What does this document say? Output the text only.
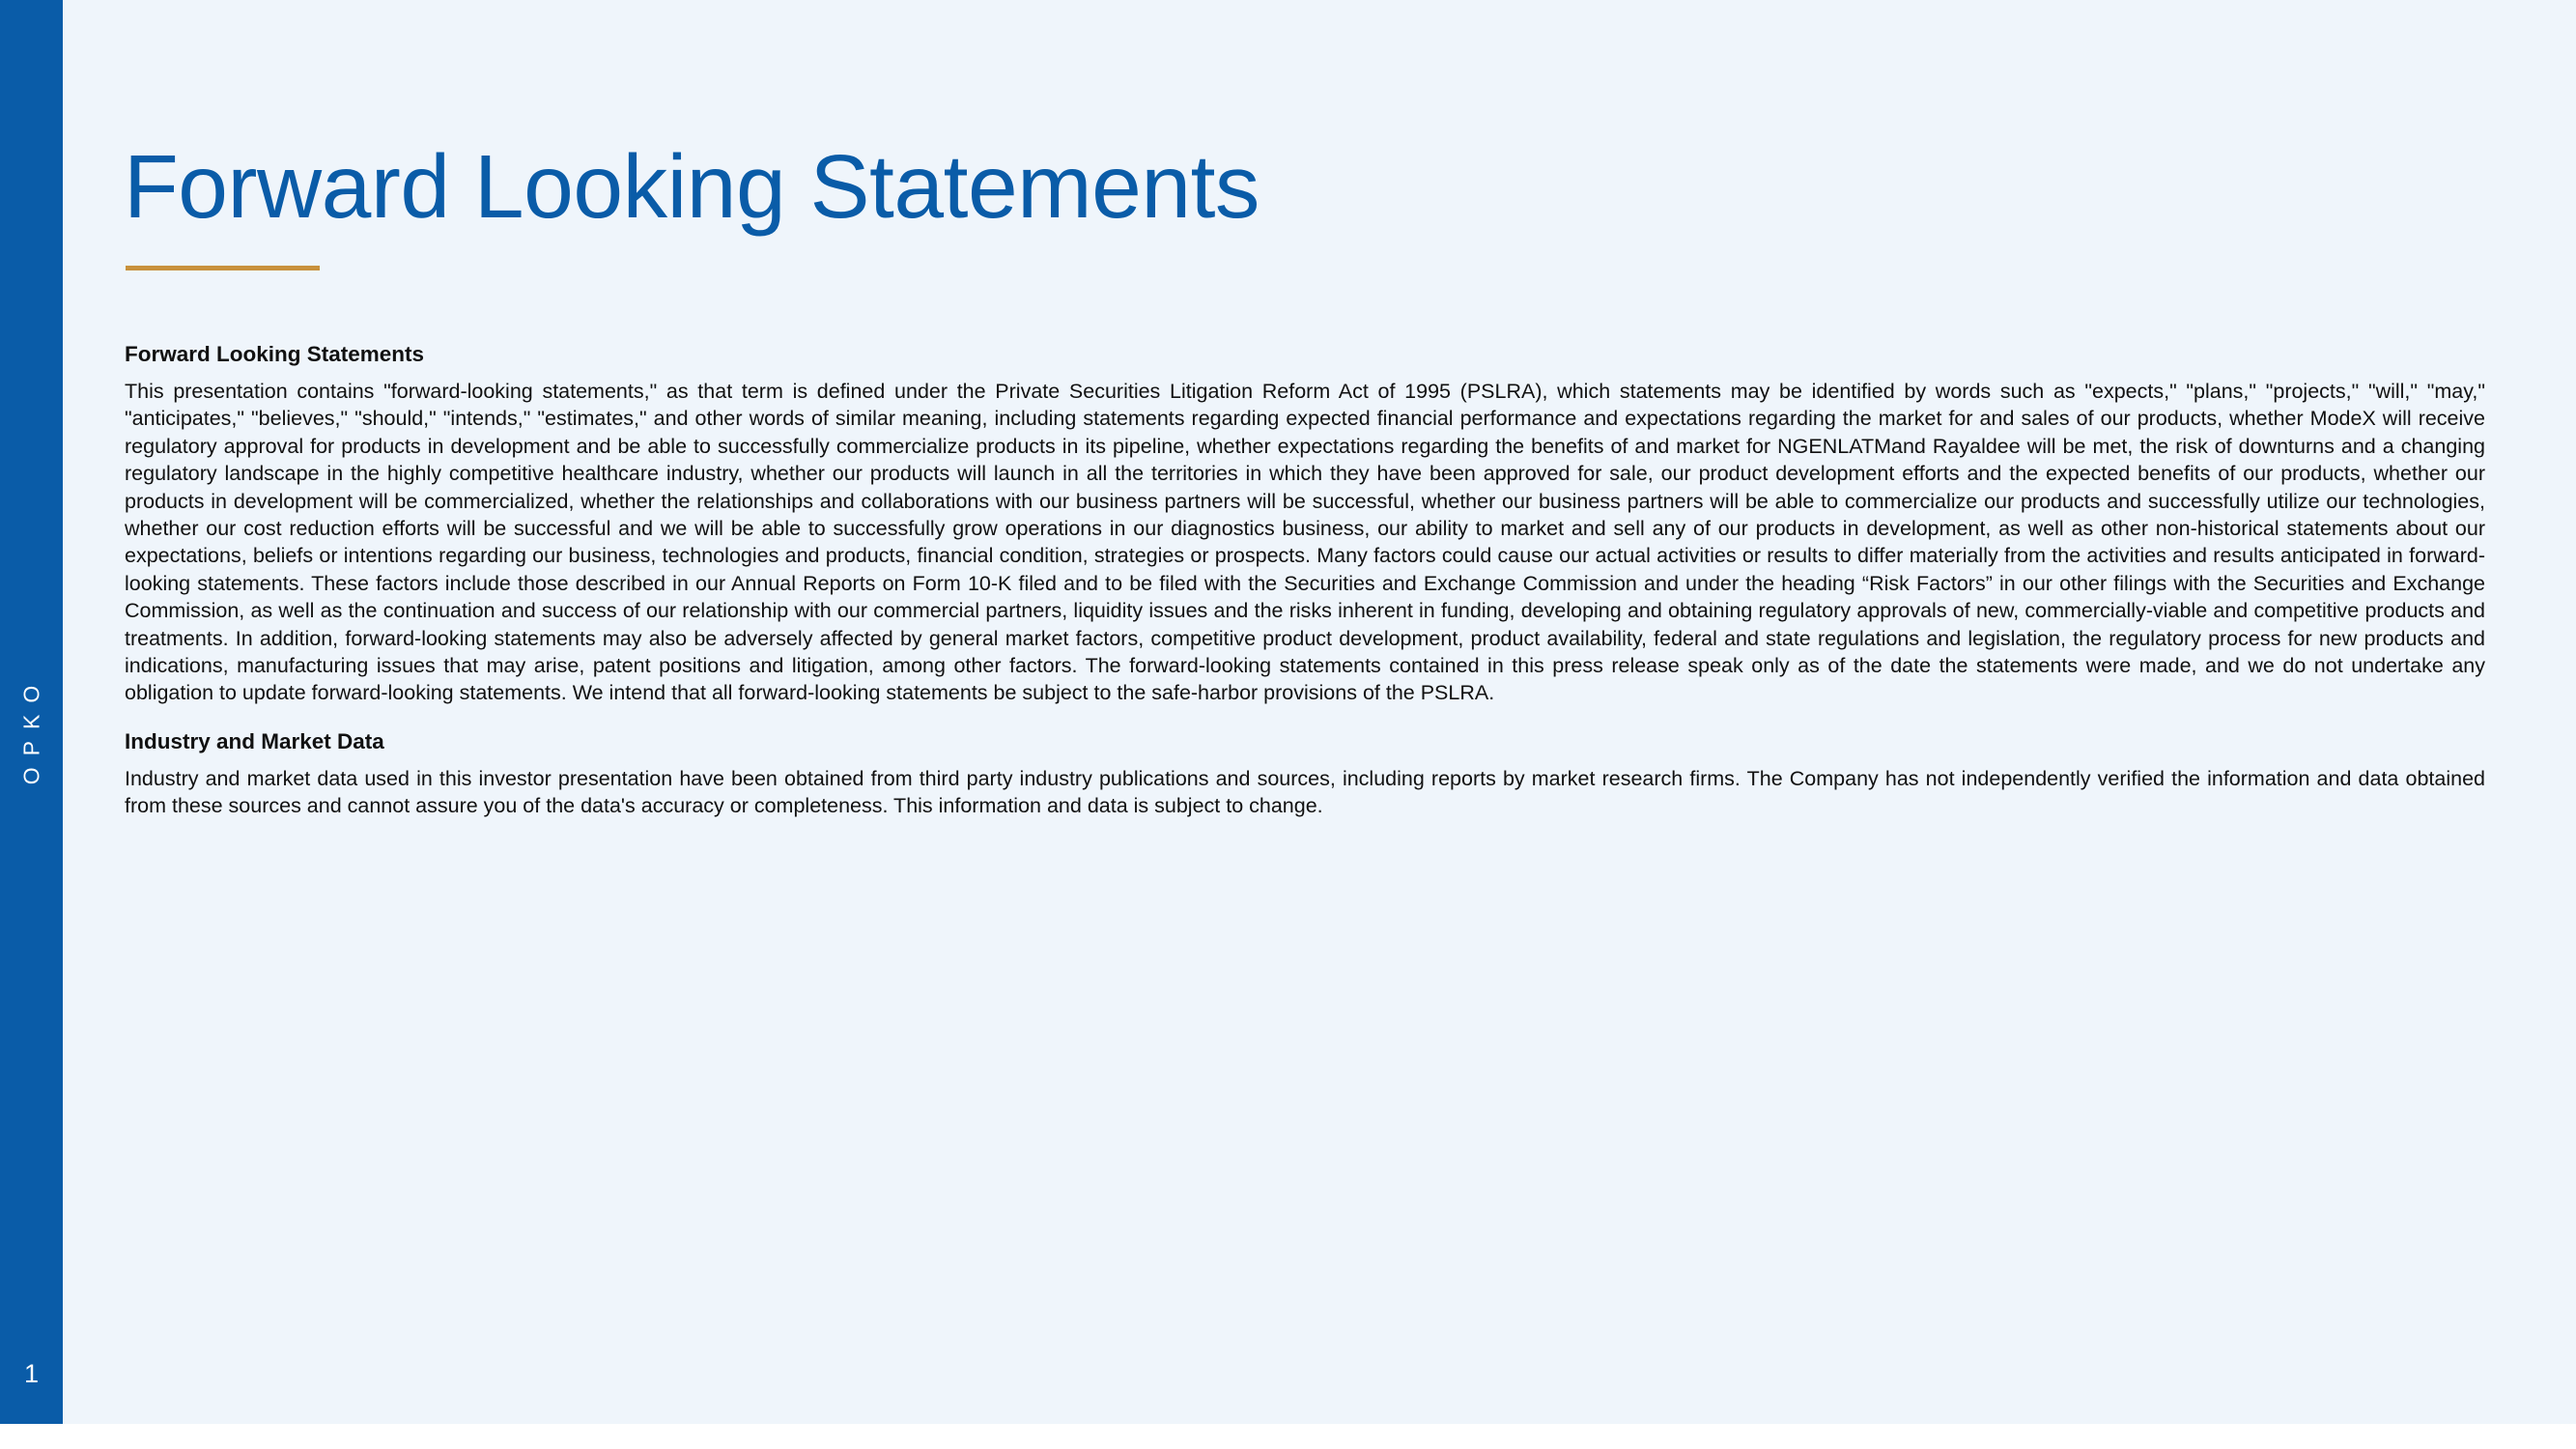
OPKO
1
Forward Looking Statements

Forward Looking Statements

This presentation contains "forward-looking statements," as that term is defined under the Private Securities Litigation Reform Act of 1995 (PSLRA), which statements may be identified by words such as "expects," "plans," "projects," "will," "may," "anticipates," "believes," "should," "intends," "estimates," and other words of similar meaning, including statements regarding expected financial performance and expectations regarding the market for and sales of our products, whether ModeX will receive regulatory approval for products in development and be able to successfully commercialize products in its pipeline, whether expectations regarding the benefits of and market for NGENLATMand Rayaldee will be met, the risk of downturns and a changing regulatory landscape in the highly competitive healthcare industry, whether our products will launch in all the territories in which they have been approved for sale, our product development efforts and the expected benefits of our products, whether our products in development will be commercialized, whether the relationships and collaborations with our business partners will be successful, whether our business partners will be able to commercialize our products and successfully utilize our technologies, whether our cost reduction efforts will be successful and we will be able to successfully grow operations in our diagnostics business, our ability to market and sell any of our products in development, as well as other non-historical statements about our expectations, beliefs or intentions regarding our business, technologies and products, financial condition, strategies or prospects. Many factors could cause our actual activities or results to differ materially from the activities and results anticipated in forward-looking statements. These factors include those described in our Annual Reports on Form 10-K filed and to be filed with the Securities and Exchange Commission and under the heading “Risk Factors” in our other filings with the Securities and Exchange Commission, as well as the continuation and success of our relationship with our commercial partners, liquidity issues and the risks inherent in funding, developing and obtaining regulatory approvals of new, commercially-viable and competitive products and treatments. In addition, forward-looking statements may also be adversely affected by general market factors, competitive product development, product availability, federal and state regulations and legislation, the regulatory process for new products and indications, manufacturing issues that may arise, patent positions and litigation, among other factors. The forward-looking statements contained in this press release speak only as of the date the statements were made, and we do not undertake any obligation to update forward-looking statements. We intend that all forward-looking statements be subject to the safe-harbor provisions of the PSLRA.

Industry and Market Data

Industry and market data used in this investor presentation have been obtained from third party industry publications and sources, including reports by market research firms. The Company has not independently verified the information and data obtained from these sources and cannot assure you of the data's accuracy or completeness. This information and data is subject to change.
